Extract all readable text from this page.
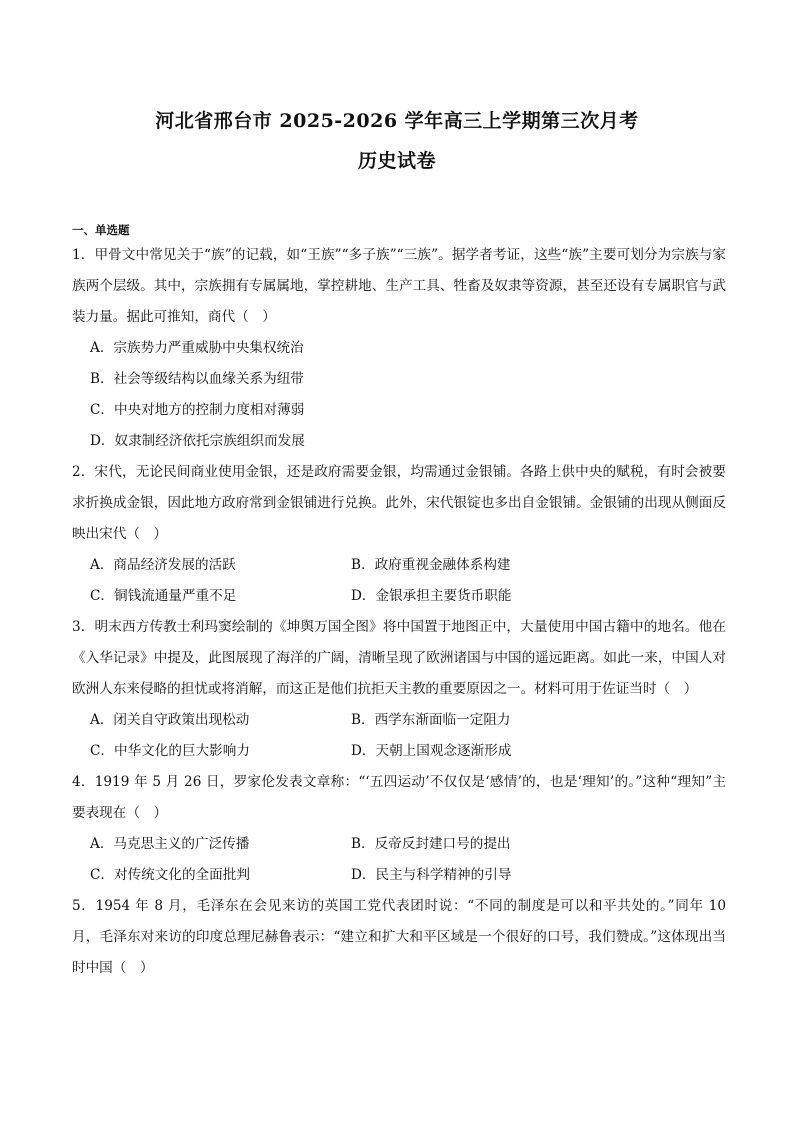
河北省邢台市 2025-2026 学年高三上学期第三次月考
历史试卷
一、单选题
1．甲骨文中常见关于“族”的记载，如“王族”“多子族”“三族”。据学者考证，这些“族”主要可划分为宗族与家族两个层级。其中，宗族拥有专属属地，掌控耕地、生产工具、牲畜及奴隶等资源，甚至还设有专属职官与武装力量。据此可推知，商代（　）
A．宗族势力严重威胁中央集权统治
B．社会等级结构以血缘关系为纽带
C．中央对地方的控制力度相对薄弱
D．奴隶制经济依托宗族组织而发展
2．宋代，无论民间商业使用金银，还是政府需要金银，均需通过金银铺。各路上供中央的赋税，有时会被要求折换成金银，因此地方政府常到金银铺进行兑换。此外，宋代银锭也多出自金银铺。金银铺的出现从侧面反映出宋代（　）
A．商品经济发展的活跃	B．政府重视金融体系构建
C．铜钱流通量严重不足	D．金银承担主要货币职能
3．明末西方传教士利玛窦绘制的《坤舆万国全图》将中国置于地图正中，大量使用中国古籍中的地名。他在《入华记录》中提及，此图展现了海洋的广阔，清晰呈现了欧洲诸国与中国的遥远距离。如此一来，中国人对欧洲人东来侵略的担忧或将消解，而这正是他们抗拒天主教的重要原因之一。材料可用于佐证当时（　）
A．闭关自守政策出现松动	B．西学东渐面临一定阻力
C．中华文化的巨大影响力	D．天朝上国观念逐渐形成
4．1919 年 5 月 26 日，罗家伦发表文章称：“‘五四运动’不仅仅是‘感情’的，也是‘理知’的。”这种“理知”主要表现在（　）
A．马克思主义的广泛传播	B．反帝反封建口号的提出
C．对传统文化的全面批判	D．民主与科学精神的引导
5．1954 年 8 月，毛泽东在会见来访的英国工党代表团时说：“不同的制度是可以和平共处的。”同年 10 月，毛泽东对来访的印度总理尼赫鲁表示：“建立和扩大和平区域是一个很好的口号，我们赞成。”这体现出当时中国（　）
